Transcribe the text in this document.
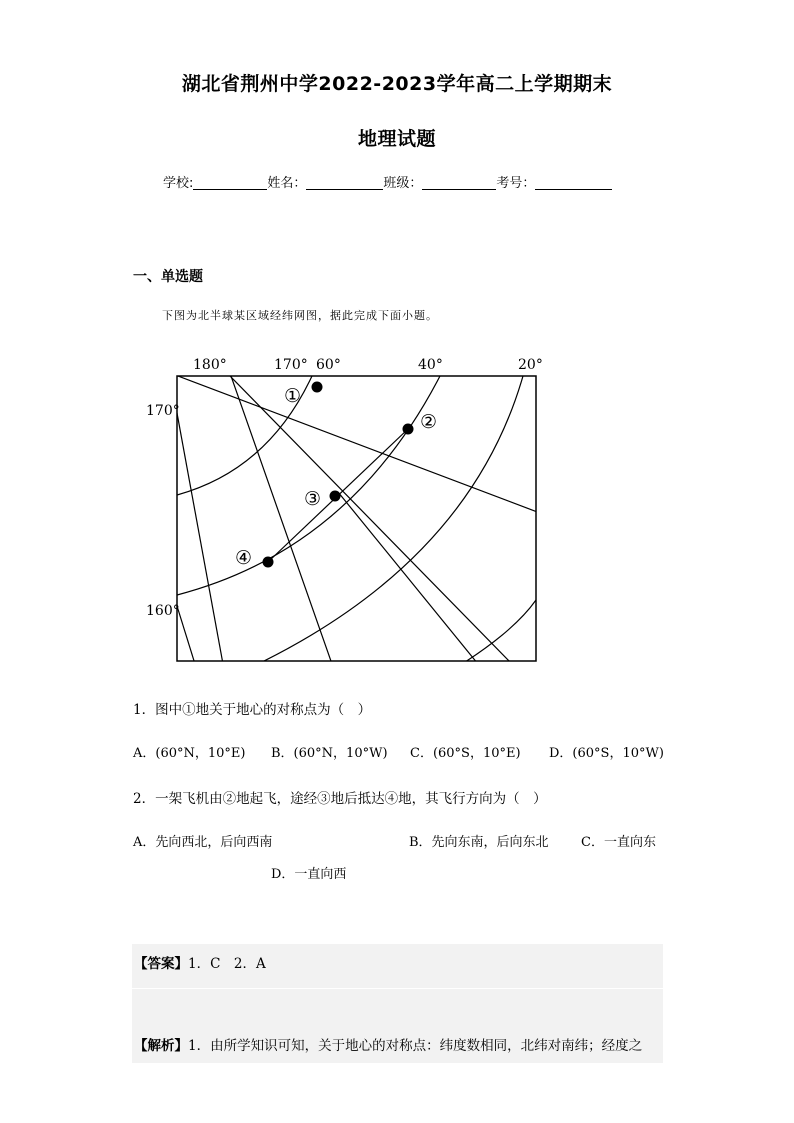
湖北省荆州中学2022-2023学年高二上学期期末
地理试题
学校:	姓名：	班级：	考号：
一、单选题
下图为北半球某区域经纬网图，据此完成下面小题。
180°	170° 60°	40°	20°
170°
160°
①
②
③
④
1．图中①地关于地心的对称点为（　）
A．(60°N，10°E) B．(60°N，10°W) C．(60°S，10°E) D．(60°S，10°W)
2．一架飞机由②地起飞，途经③地后抵达④地，其飞行方向为（　）
A．先向西北，后向西南	B．先向东南，后向东北 C．一直向东
D．一直向西
【答案】1．C　2．A
【解析】1．由所学知识可知，关于地心的对称点：纬度数相同，北纬对南纬；经度之
